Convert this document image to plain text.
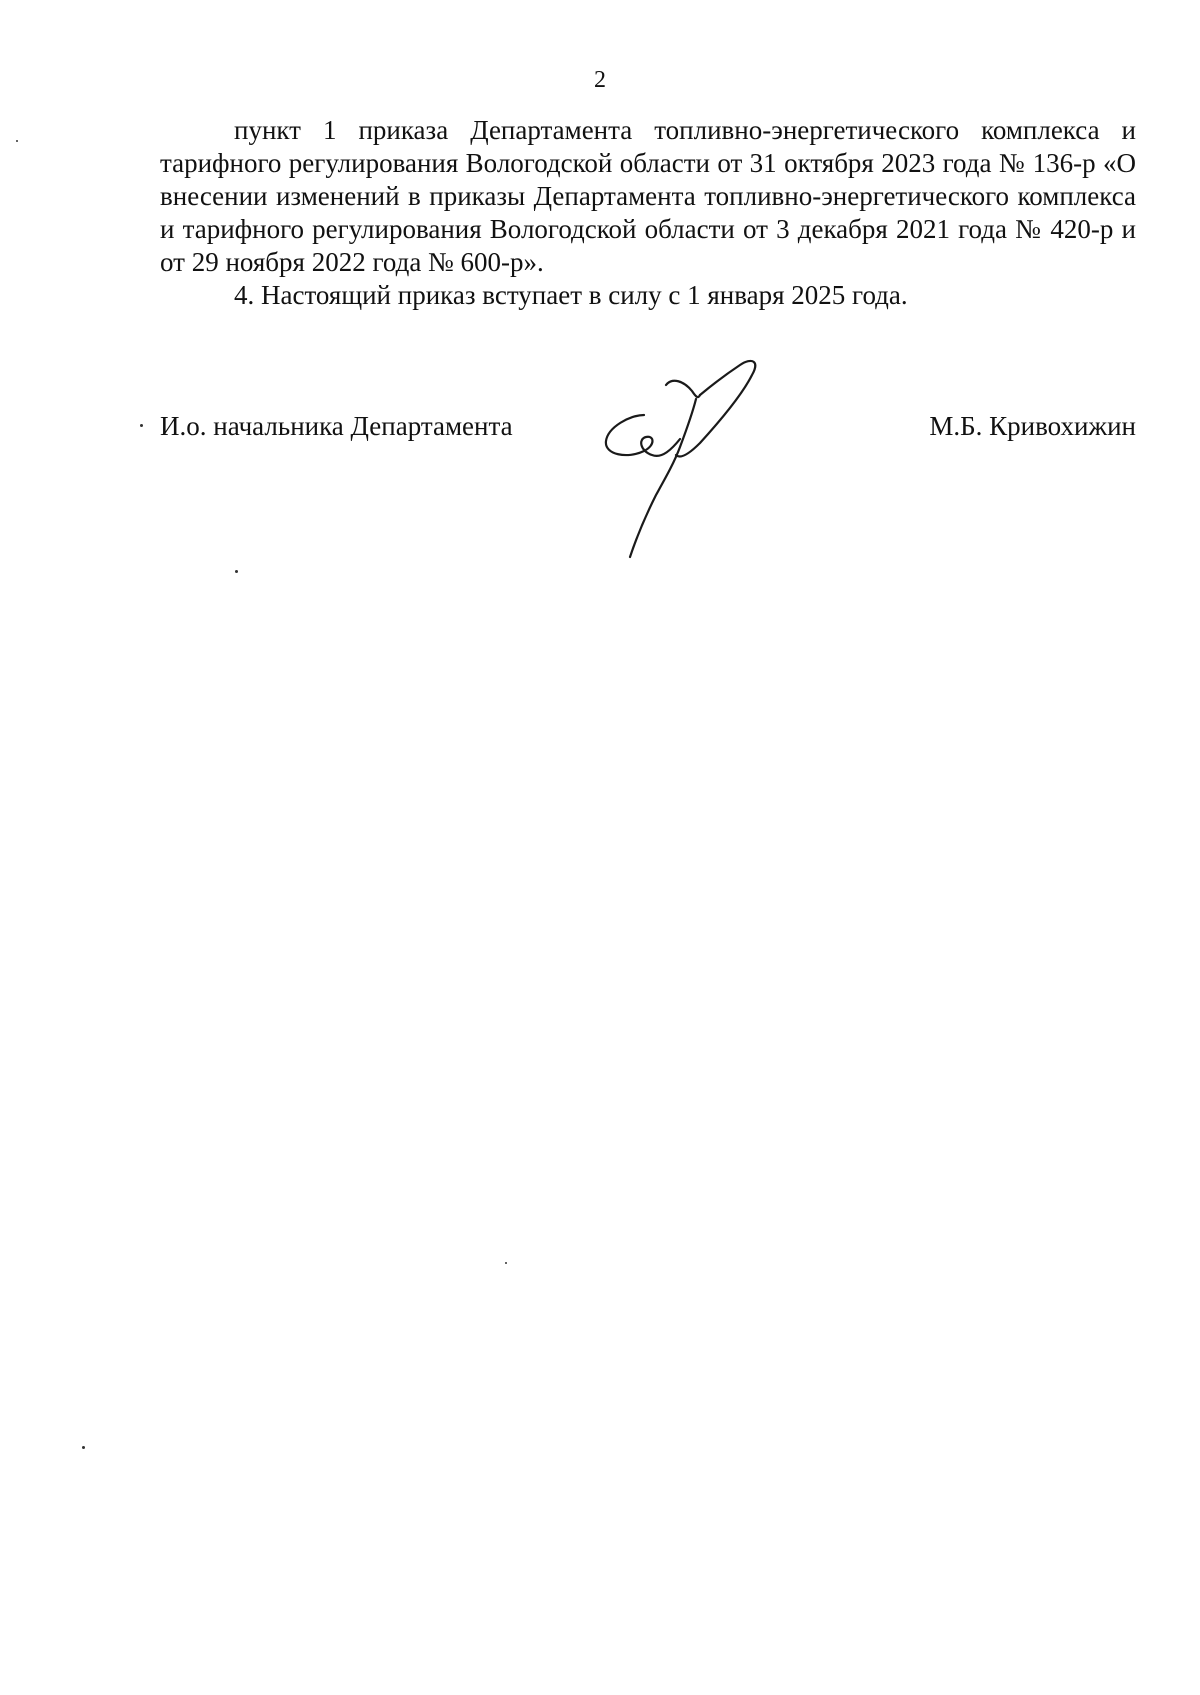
2

пункт 1 приказа Департамента топливно-энергетического комплекса и тарифного регулирования Вологодской области от 31 октября 2023 года № 136-р «О внесении изменений в приказы Департамента топливно-энергетического комплекса и тарифного регулирования Вологодской области от 3 декабря 2021 года № 420-р и от 29 ноября 2022 года № 600-р».

4. Настоящий приказ вступает в силу с 1 января 2025 года.

И.о. начальника Департамента	М.Б. Кривохижин
